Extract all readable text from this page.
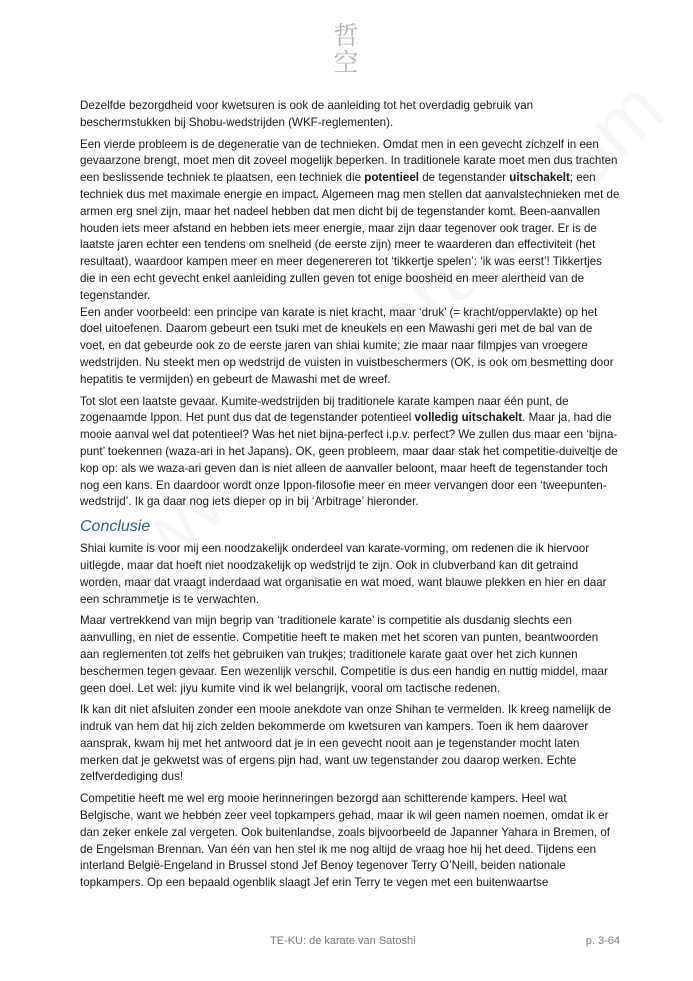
哲
空

Dezelfde bezorgdheid voor kwetsuren is ook de aanleiding tot het overdadig gebruik van beschermstukken bij Shobu-wedstrijden (WKF-reglementen).

Een vierde probleem is de degeneratie van de technieken. Omdat men in een gevecht zichzelf in een gevaarzone brengt, moet men dit zoveel mogelijk beperken. In traditionele karate moet men dus trachten een beslissende techniek te plaatsen, een techniek die potentieel de tegenstander uitschakelt; een techniek dus met maximale energie en impact. Algemeen mag men stellen dat aanvalstechnieken met de armen erg snel zijn, maar het nadeel hebben dat men dicht bij de tegenstander komt. Been-aanvallen houden iets meer afstand en hebben iets meer energie, maar zijn daar tegenover ook trager. Er is de laatste jaren echter een tendens om snelheid (de eerste zijn) meer te waarderen dan effectiviteit (het resultaat), waardoor kampen meer en meer degenereren tot ‘tikkertje spelen’: ‘ik was eerst’! Tikkertjes die in een echt gevecht enkel aanleiding zullen geven tot enige boosheid en meer alertheid van de tegenstander.

Een ander voorbeeld: een principe van karate is niet kracht, maar ‘druk’ (= kracht/oppervlakte) op het doel uitoefenen. Daarom gebeurt een tsuki met de kneukels en een Mawashi geri met de bal van de voet, en dat gebeurde ook zo de eerste jaren van shiai kumite; zie maar naar filmpjes van vroegere wedstrijden. Nu steekt men op wedstrijd de vuisten in vuistbeschermers (OK, is ook om besmetting door hepatitis te vermijden) en gebeurt de Mawashi met de wreef.

Tot slot een laatste gevaar. Kumite-wedstrijden bij traditionele karate kampen naar één punt, de zogenaamde Ippon. Het punt dus dat de tegenstander potentieel volledig uitschakelt. Maar ja, had die mooie aanval wel dat potentieel? Was het niet bijna-perfect i.p.v. perfect? We zullen dus maar een ‘bijna-punt’ toekennen (waza-ari in het Japans). OK, geen probleem, maar daar stak het competitie-duiveltje de kop op: als we waza-ari geven dan is niet alleen de aanvaller beloont, maar heeft de tegenstander toch nog een kans. En daardoor wordt onze Ippon-filosofie meer en meer vervangen door een ‘tweepunten-wedstrijd’. Ik ga daar nog iets dieper op in bij ‘Arbitrage’ hieronder.

Conclusie

Shiai kumite is voor mij een noodzakelijk onderdeel van karate-vorming, om redenen die ik hiervoor uitlegde, maar dat hoeft niet noodzakelijk op wedstrijd te zijn. Ook in clubverband kan dit getraind worden, maar dat vraagt inderdaad wat organisatie en wat moed, want blauwe plekken en hier en daar een schrammetje is te verwachten.

Maar vertrekkend van mijn begrip van ‘traditionele karate’ is competitie als dusdanig slechts een aanvulling, en niet de essentie. Competitie heeft te maken met het scoren van punten, beantwoorden aan reglementen tot zelfs het gebruiken van trukjes; traditionele karate gaat over het zich kunnen beschermen tegen gevaar. Een wezenlijk verschil. Competitie is dus een handig en nuttig middel, maar geen doel. Let wel: jiyu kumite vind ik wel belangrijk, vooral om tactische redenen.

Ik kan dit niet afsluiten zonder een mooie anekdote van onze Shihan te vermelden. Ik kreeg namelijk de indruk van hem dat hij zich zelden bekommerde om kwetsuren van kampers. Toen ik hem daarover aansprak, kwam hij met het antwoord dat je in een gevecht nooit aan je tegenstander mocht laten merken dat je gekwetst was of ergens pijn had, want uw tegenstander zou daarop werken. Echte zelfverdediging dus!

Competitie heeft me wel erg mooie herinneringen bezorgd aan schitterende kampers. Heel wat Belgische, want we hebben zeer veel topkampers gehad, maar ik wil geen namen noemen, omdat ik er dan zeker enkele zal vergeten. Ook buitenlandse, zoals bijvoorbeeld de Japanner Yahara in Bremen, of de Engelsman Brennan. Van één van hen stel ik me nog altijd de vraag hoe hij het deed. Tijdens een interland België-Engeland in Brussel stond Jef Benoy tegenover Terry O’Neill, beiden nationale topkampers. Op een bepaald ogenblik slaagt Jef erin Terry te vegen met een buitenwaartse

TE-KU: de karate van Satoshi	p. 3-64
